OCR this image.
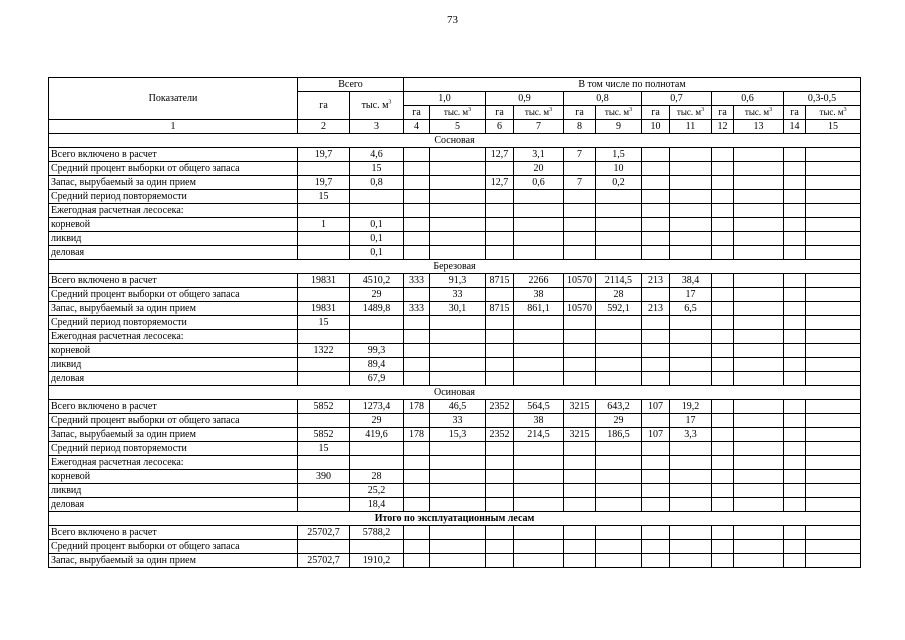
73
Показатели	Всего		В том числе по полнотам											
	га	тыс. $м^3$	1,0		0,9		0,8		0,7		0,6		0,3-0,5	
			га	тыс. $м^3$	га	тыс. $м^3$	га	тыс. $м^3$	га	тыс. $м^3$	га	тыс. $м^3$	га	тыс. $м^3$
1	2	3	4	5	6	7	8	9	10	11	12	13	14	15
Сосновая														
Всего включено в расчет	19,7	4,6			12,7	3,1	7	1,5						
Средний процент выборки от общего запаса		15				20		10						
Запас, вырубаемый за один прием	19,7	0,8			12,7	0,6	7	0,2						
Средний период повторяемости	15													
Ежегодная расчетная лесосека:														
корневой	1	0,1												
ликвид		0,1												
деловая		0,1												
Березовая														
Всего включено в расчет	19831	4510,2	333	91,3	8715	2266	10570	2114,5	213	38,4				
Средний процент выборки от общего запаса		29		33		38		28		17				
Запас, вырубаемый за один прием	19831	1489,8	333	30,1	8715	861,1	10570	592,1	213	6,5				
Средний период повторяемости	15													
Ежегодная расчетная лесосека:														
корневой	1322	99,3												
ликвид		89,4												
деловая		67,9												
Осиновая														
Всего включено в расчет	5852	1273,4	178	46,5	2352	564,5	3215	643,2	107	19,2				
Средний процент выборки от общего запаса		29		33		38		29		17				
Запас, вырубаемый за один прием	5852	419,6	178	15,3	2352	214,5	3215	186,5	107	3,3				
Средний период повторяемости	15													
Ежегодная расчетная лесосека:														
корневой	390	28												
ликвид		25,2												
деловая		18,4												
Итого по эксплуатационным лесам														
Всего включено в расчет	25702,7	5788,2												
Средний процент выборки от общего запаса														
Запас, вырубаемый за один прием	25702,7	1910,2												
